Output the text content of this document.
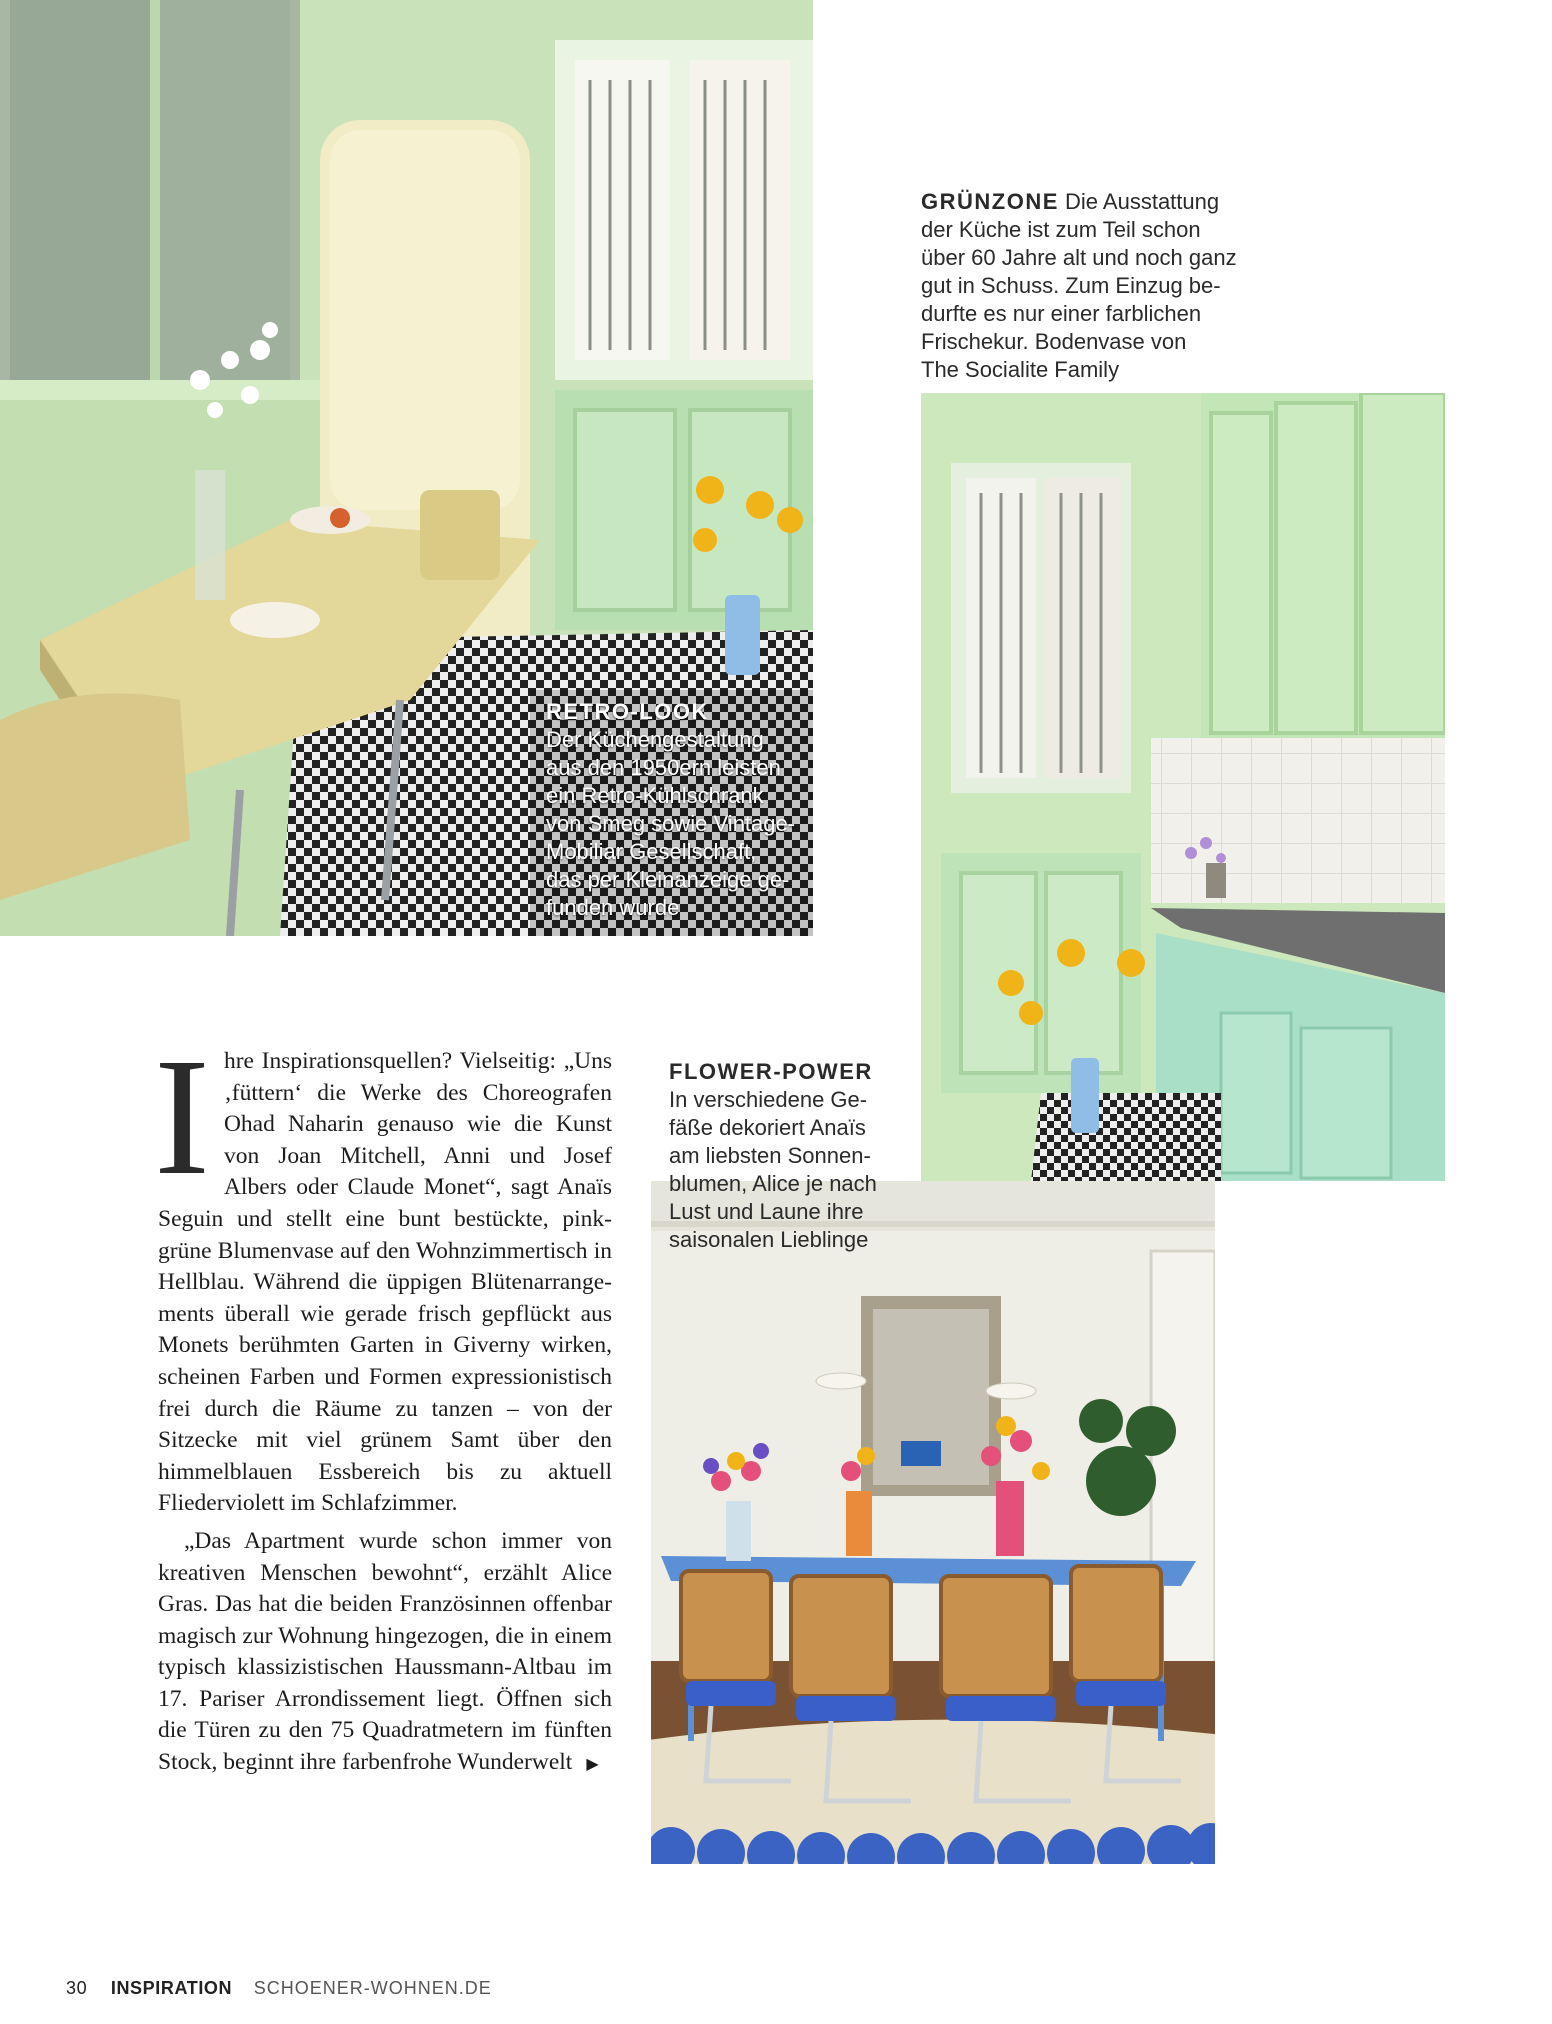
GRÜNZONE Die Ausstattung
der Küche ist zum Teil schon
über 60 Jahre alt und noch ganz
gut in Schuss. Zum Einzug be-
durfte es nur einer farblichen
Frischekur. Bodenvase von
The Socialite Family
RETRO-LOOK
Der Küchengestaltung
aus den 1950ern leisten
ein Retro-Kühlschrank
von Smeg sowie Vintage-
Mobiliar Gesellschaft,
das per Kleinanzeige ge-
funden wurde
FLOWER-POWER
In verschiedene Ge-
fäße dekoriert Anaïs
am liebsten Sonnen-
blumen, Alice je nach
Lust und Laune ihre
saisonalen Lieblinge

Ihre Inspirationsquellen? Vielseitig: „Uns ‚füttern‘ die Werke des Choreografen Ohad Naharin genauso wie die Kunst von Joan Mitchell, Anni und Josef Albers oder Claude Monet“, sagt Anaïs Seguin und stellt eine bunt bestückte, pink-grüne Blumenvase auf den Wohnzimmertisch in Hellblau. Während die üppigen Blütenarrangements überall wie gerade frisch gepflückt aus Monets berühmten Garten in Giverny wirken, scheinen Farben und Formen expressionistisch frei durch die Räume zu tanzen – von der Sitzecke mit viel grünem Samt über den himmelblauen Essbereich bis zu aktuell Fliederviolett im Schlafzimmer.

„Das Apartment wurde schon immer von kreativen Menschen bewohnt“, erzählt Alice Gras. Das hat die beiden Französinnen offenbar magisch zur Wohnung hingezogen, die in einem typisch klassizistischen Haussmann-Altbau im 17. Pariser Arrondissement liegt. Öffnen sich die Türen zu den 75 Quadratmetern im fünften Stock, beginnt ihre farbenfrohe Wunderwelt ▶

30 INSPIRATION SCHOENER-WOHNEN.DE
